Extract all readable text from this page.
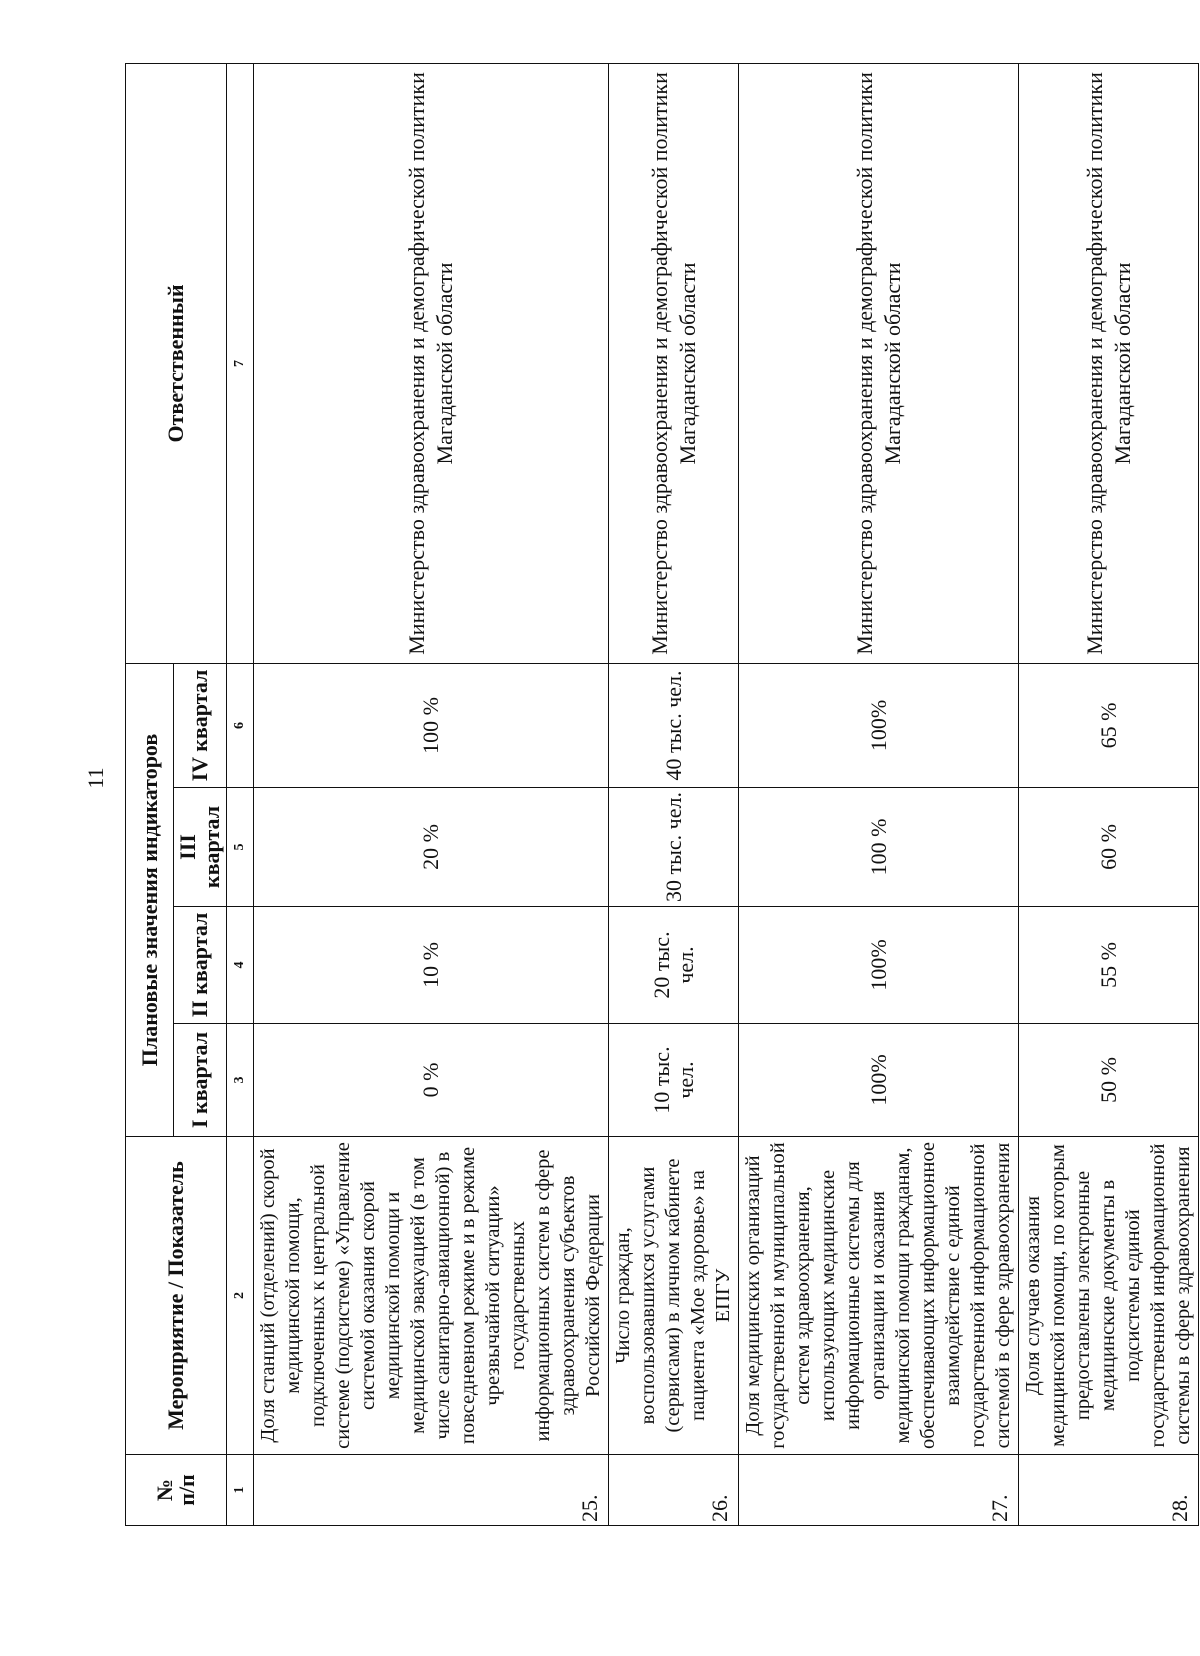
11
№
п/п	Мероприятие / Показатель	Плановые значения индикаторов				Ответственный
		I квартал	II квартал	III квартал	IV квартал	
1	2	3	4	5	6	7
25.	Доля станций (отделений) скорой медицинской помощи, подключенных к центральной системе (подсистеме) «Управление системой оказания скорой медицинской помощи и медицинской эвакуацией (в том числе санитарно-авиационной) в повседневном режиме и в режиме чрезвычайной ситуации» государственных информационных систем в сфере здравоохранения субъектов Российской Федерации	0 %	10 %	20 %	100 %	Министерство здравоохранения и демографической политики Магаданской области
26.	Число граждан, воспользовавшихся услугами (сервисами) в личном кабинете пациента «Мое здоровье» на ЕПГУ	10 тыс. чел.	20 тыс. чел.	30 тыс. чел.	40 тыс. чел.	Министерство здравоохранения и демографической политики Магаданской области
27.	Доля медицинских организаций государственной и муниципальной систем здравоохранения, использующих медицинские информационные системы для организации и оказания медицинской помощи гражданам, обеспечивающих информационное взаимодействие с единой государственной информационной системой в сфере здравоохранения	100%	100%	100 %	100%	Министерство здравоохранения и демографической политики Магаданской области
28.	Доля случаев оказания медицинской помощи, по которым предоставлены электронные медицинские документы в подсистемы единой государственной информационной системы в сфере здравоохранения	50 %	55 %	60 %	65 %	Министерство здравоохранения и демографической политики Магаданской области
